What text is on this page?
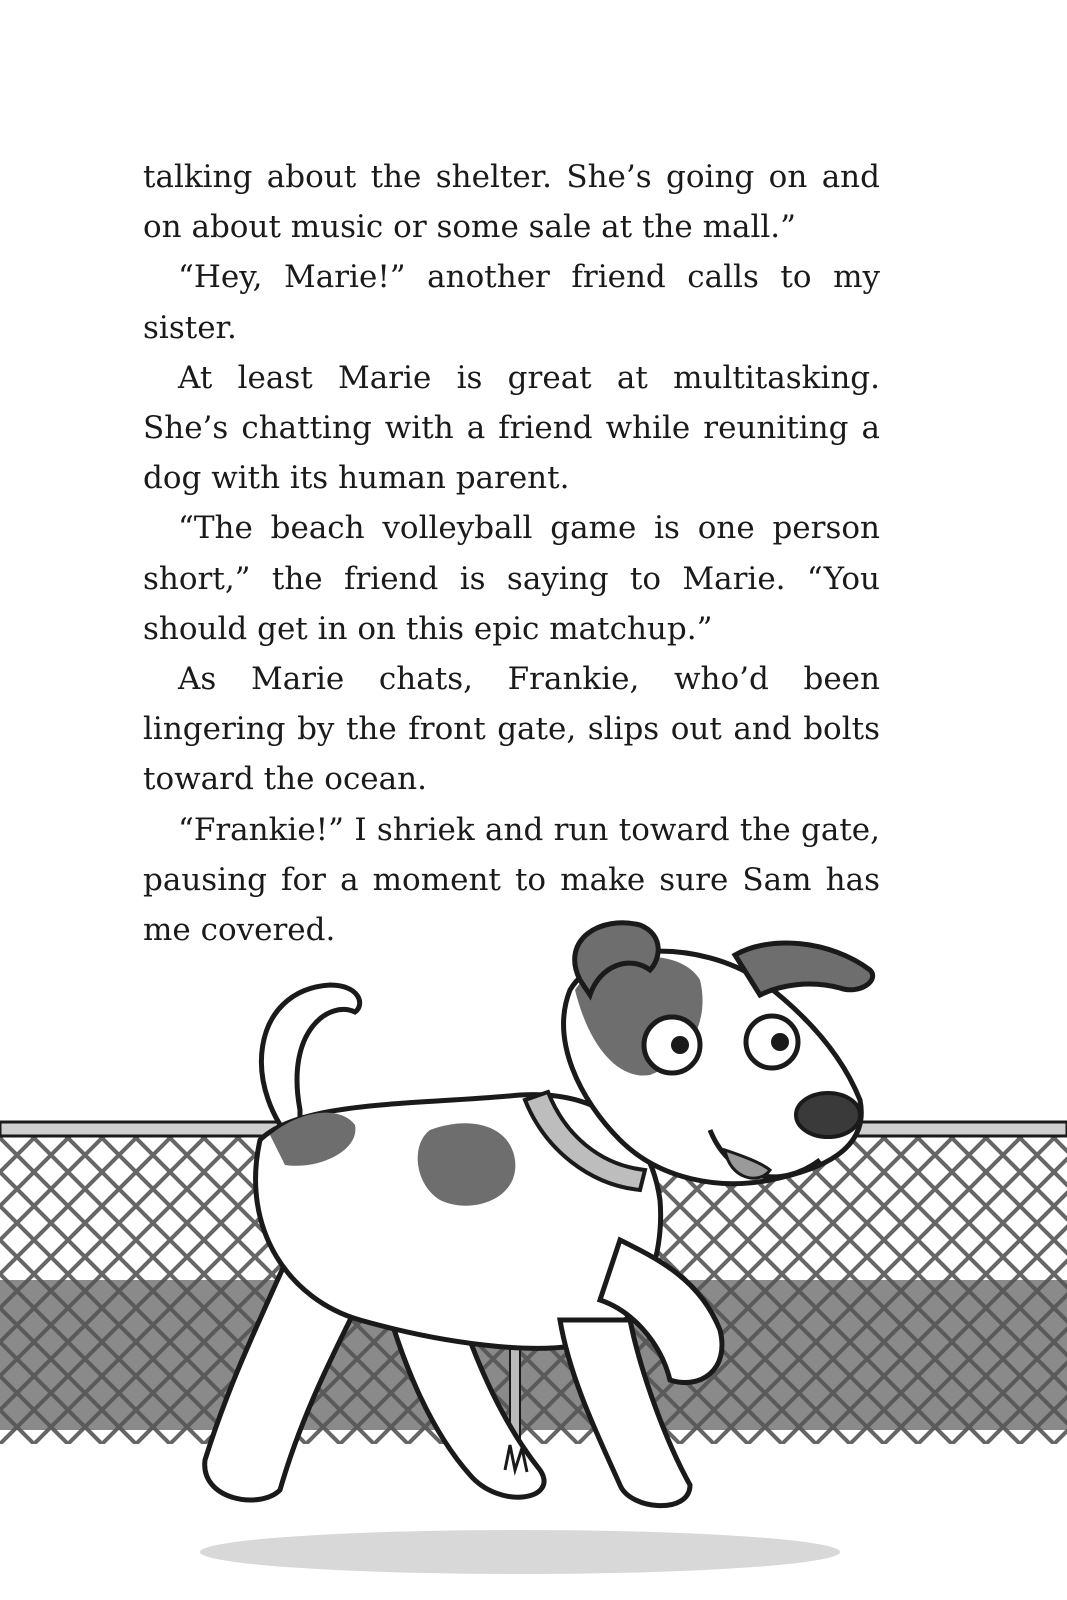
talking about the shelter. She’s going on and on about music or some sale at the mall.”

“Hey, Marie!” another friend calls to my sister.

At least Marie is great at multitasking. She’s chatting with a friend while reuniting a dog with its human parent.

“The beach volleyball game is one person short,” the friend is saying to Marie. “You should get in on this epic matchup.”

As Marie chats, Frankie, who’d been lingering by the front gate, slips out and bolts toward the ocean.

“Frankie!” I shriek and run toward the gate, pausing for a moment to make sure Sam has me covered.
